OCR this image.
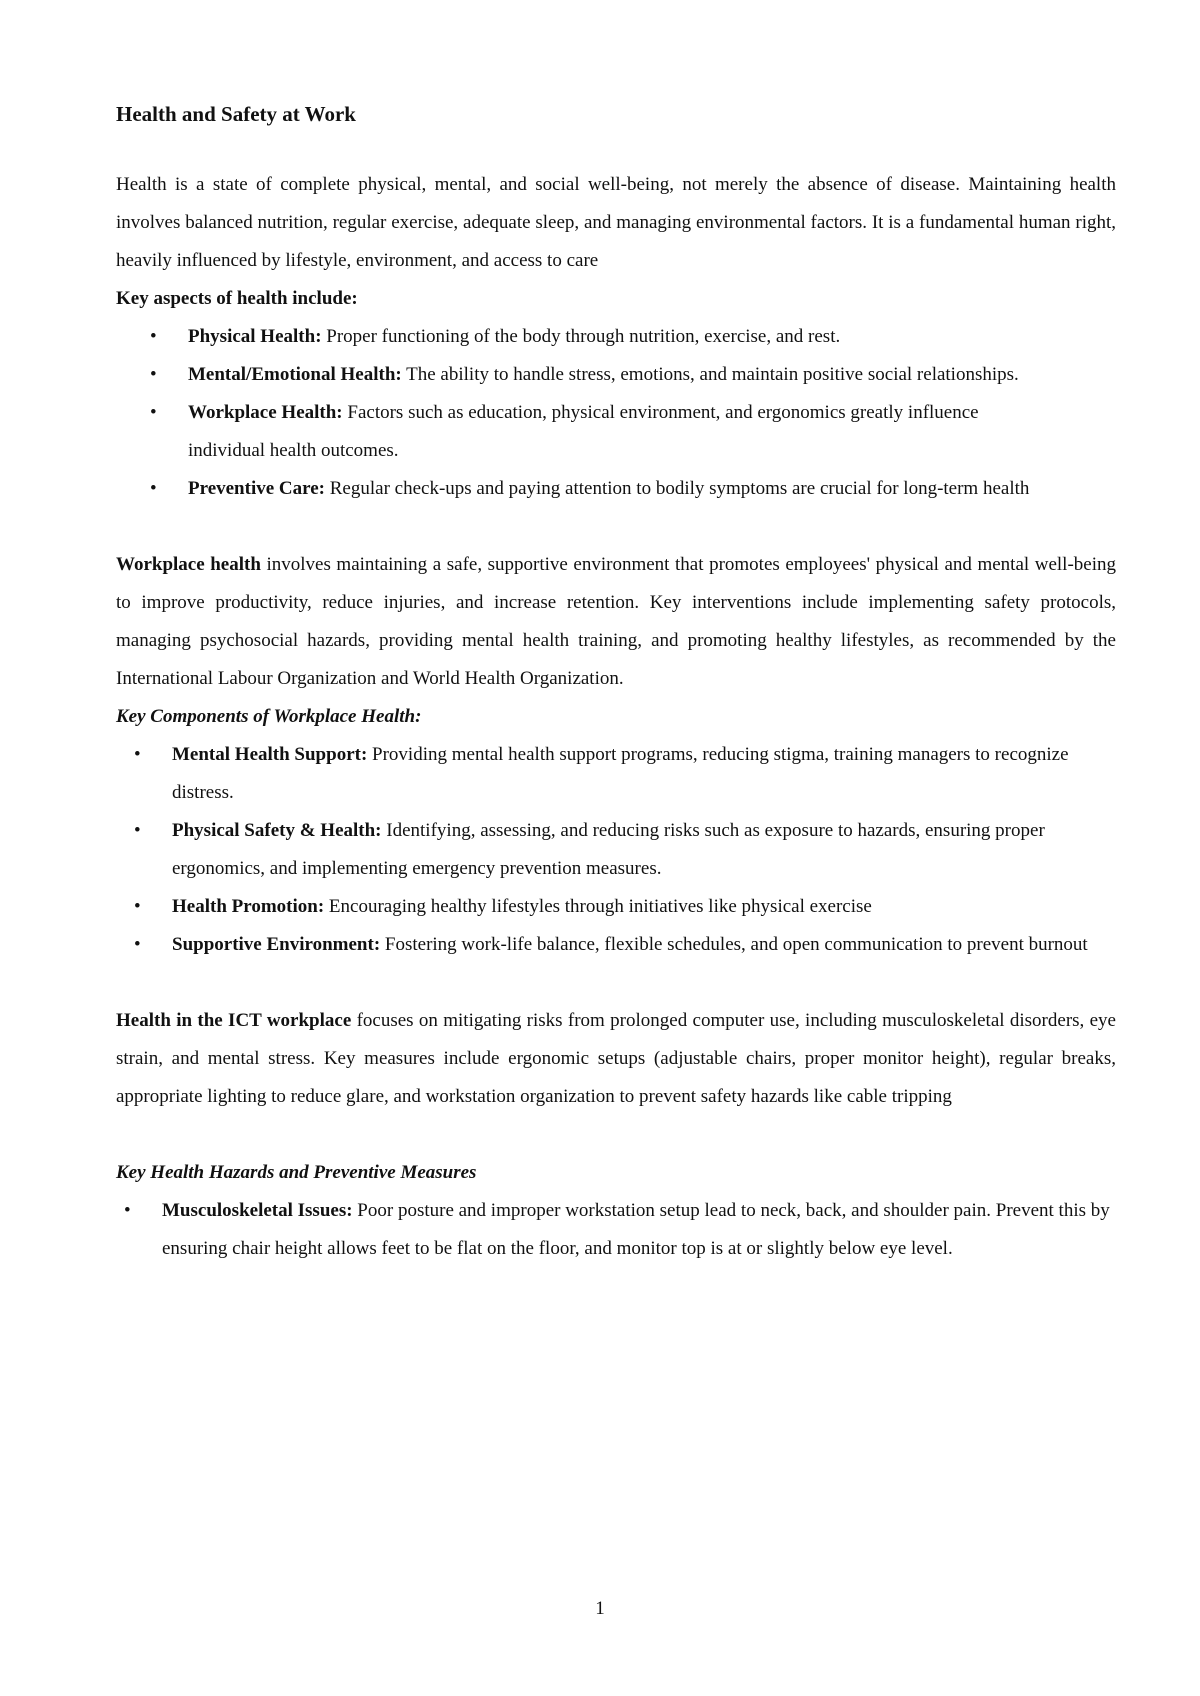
Health and Safety at Work

Health is a state of complete physical, mental, and social well-being, not merely the absence of disease. Maintaining health involves balanced nutrition, regular exercise, adequate sleep, and managing environmental factors. It is a fundamental human right, heavily influenced by lifestyle, environment, and access to care

Key aspects of health include:
•	Physical Health: Proper functioning of the body through nutrition, exercise, and rest.
•	Mental/Emotional Health: The ability to handle stress, emotions, and maintain positive social relationships.
•	Workplace Health: Factors such as education, physical environment, and ergonomics greatly influence individual health outcomes.
•	Preventive Care: Regular check-ups and paying attention to bodily symptoms are crucial for long-term health

Workplace health involves maintaining a safe, supportive environment that promotes employees' physical and mental well-being to improve productivity, reduce injuries, and increase retention. Key interventions include implementing safety protocols, managing psychosocial hazards, providing mental health training, and promoting healthy lifestyles, as recommended by the International Labour Organization and World Health Organization.

Key Components of Workplace Health:
•	Mental Health Support: Providing mental health support programs, reducing stigma, training managers to recognize distress.
•	Physical Safety & Health: Identifying, assessing, and reducing risks such as exposure to hazards, ensuring proper ergonomics, and implementing emergency prevention measures.
•	Health Promotion: Encouraging healthy lifestyles through initiatives like physical exercise
•	Supportive Environment: Fostering work-life balance, flexible schedules, and open communication to prevent burnout

Health in the ICT workplace focuses on mitigating risks from prolonged computer use, including musculoskeletal disorders, eye strain, and mental stress. Key measures include ergonomic setups (adjustable chairs, proper monitor height), regular breaks, appropriate lighting to reduce glare, and workstation organization to prevent safety hazards like cable tripping

Key Health Hazards and Preventive Measures
•	Musculoskeletal Issues: Poor posture and improper workstation setup lead to neck, back, and shoulder pain. Prevent this by ensuring chair height allows feet to be flat on the floor, and monitor top is at or slightly below eye level.
1
